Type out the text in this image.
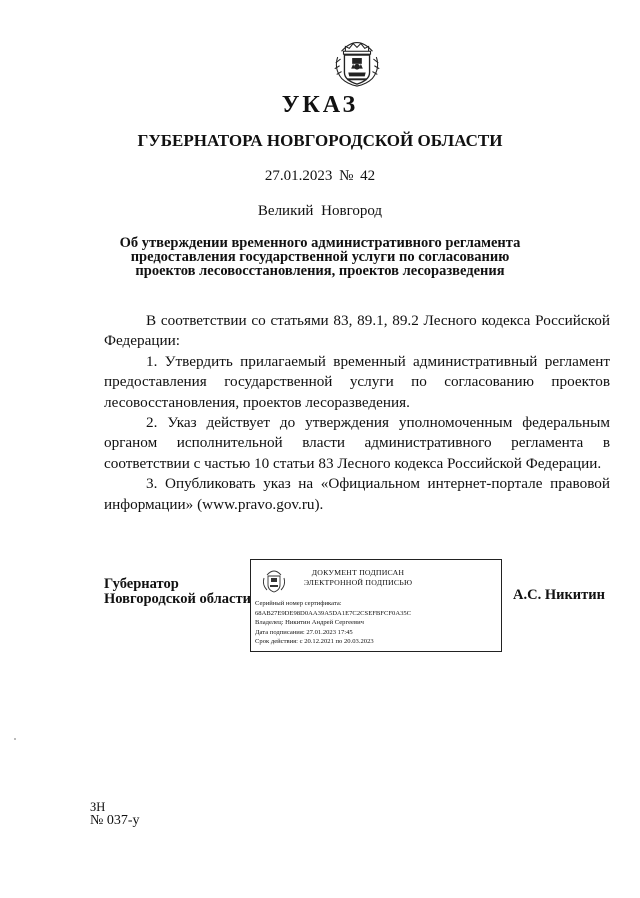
УКАЗ
ГУБЕРНАТОРА НОВГОРОДСКОЙ ОБЛАСТИ
27.01.2023 № 42
Великий Новгород
Об утверждении временного административного регламента
предоставления государственной услуги по согласованию
проектов лесовосстановления, проектов лесоразведения
В соответствии со статьями 83, 89.1, 89.2 Лесного кодекса Российской
Федерации:
1. Утвердить прилагаемый временный административный регламент
предоставления государственной услуги по согласованию проектов
лесовосстановления, проектов лесоразведения.
2. Указ действует до утверждения уполномоченным федеральным
органом исполнительной власти административного регламента в
соответствии с частью 10 статьи 83 Лесного кодекса Российской Федерации.
3. Опубликовать указ на «Официальном интернет-портале правовой
информации» (www.pravo.gov.ru).
Губернатор
Новгородской области
ДОКУМЕНТ ПОДПИСАН
ЭЛЕКТРОННОЙ ПОДПИСЬЮ
Серийный номер сертификата:
68AB27E9DE98D0AA39A5DA1E7C2CSEFBFCF0A35C
Владелец: Никитин Андрей Сергеевич
Дата подписания: 27.01.2023 17:45
Срок действия: с 20.12.2021 по 20.03.2023
А.С. Никитин
ЗН
№ 037-у
